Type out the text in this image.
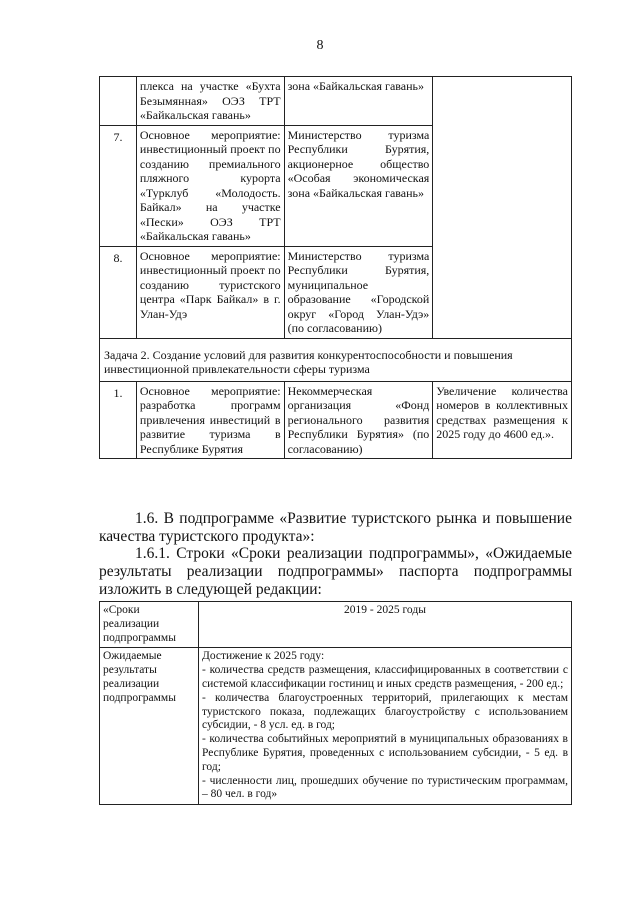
8
	плекса на участке «Бухта Безымянная» ОЭЗ ТРТ «Байкальская гавань»	зона «Байкальская гавань»	
7.	Основное мероприятие: инвестиционный проект по созданию премиального пляжного курорта «Турклуб «Молодость. Байкал» на участке «Пески» ОЭЗ ТРТ «Байкальская гавань»	Министерство туризма Республики Бурятия, акционерное общество «Особая экономическая зона «Байкальская гавань»	
8.	Основное мероприятие: инвестиционный проект по созданию туристского центра «Парк Байкал» в г. Улан-Удэ	Министерство туризма Республики Бурятия, муниципальное образование «Городской округ «Город Улан-Удэ» (по согласованию)	
Задача 2. Создание условий для развития конкурентоспособности и повышения инвестиционной привлекательности сферы туризма			
1.	Основное мероприятие: разработка программ привлечения инвестиций в развитие туризма в Республике Бурятия	Некоммерческая организация «Фонд регионального развития Республики Бурятия» (по согласованию)	Увеличение количества номеров в коллективных средствах размещения к 2025 году до 4600 ед.».
1.6. В подпрограмме «Развитие туристского рынка и повышение качества туристского продукта»:
1.6.1. Строки «Сроки реализации подпрограммы», «Ожидаемые результаты реализации подпрограммы» паспорта подпрограммы изложить в следующей редакции:
«Сроки реализации подпрограммы	2019 - 2025 годы
Ожидаемые результаты реализации подпрограммы	Достижение к 2025 году:
- количества средств размещения, классифицированных в соответствии с системой классификации гостиниц и иных средств размещения, - 200 ед.;
- количества благоустроенных территорий, прилегающих к местам туристского показа, подлежащих благоустройству с использованием субсидии, - 8 усл. ед. в год;
- количества событийных мероприятий в муниципальных образованиях в Республике Бурятия, проведенных с использованием субсидии, - 5 ед. в год;
- численности лиц, прошедших обучение по туристическим программам, – 80 чел. в год»
